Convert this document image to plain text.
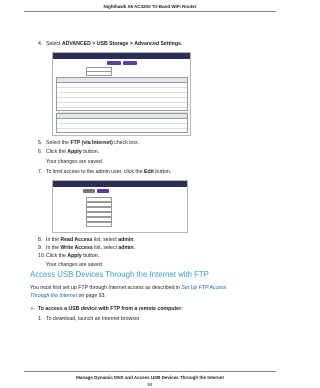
Nighthawk X6 AC3200 Tri-Band WiFi Router
4. Select ADVANCED > USB Storage > Advanced Settings.
5. Select the FTP (via Internet) check box.
6. Click the Apply button.
Your changes are saved.
7. To limit access to the admin user, click the Edit button.
8. In the Read Access list, select admin.
9. In the Write Access list, select admin.
10.Click the Apply button.
Your changes are saved.
Access USB Devices Through the Internet with FTP
You must first set up FTP through Internet access as described in Set Up FTP Access
Through the Internet on page 93.
➢ To access a USB device with FTP from a remote computer:
1. To download, launch an Internet browser.
Manage Dynamic DNS and Access USB Devices Through the Internet
94
